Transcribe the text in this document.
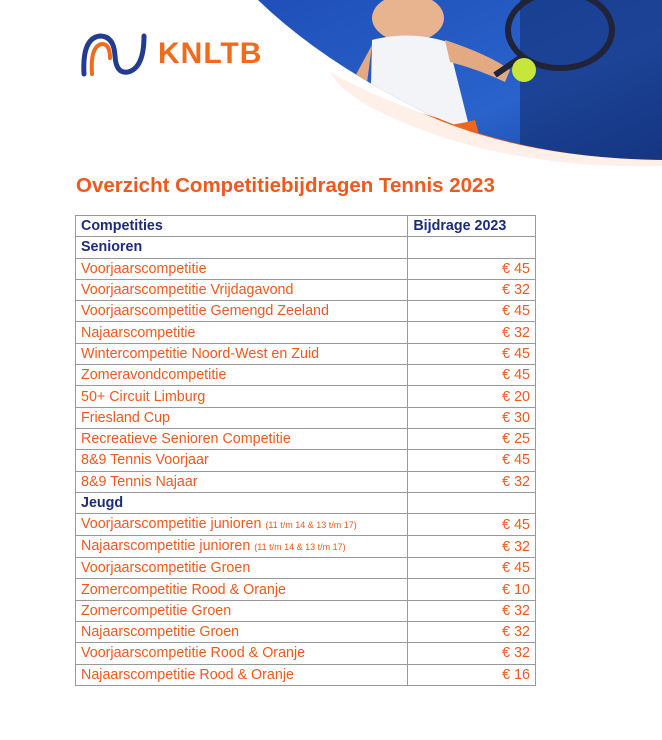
KNLTB
Overzicht Competitiebijdragen Tennis 2023
Competities	Bijdrage 2023
Senioren	
Voorjaarscompetitie	€ 45
Voorjaarscompetitie Vrijdagavond	€ 32
Voorjaarscompetitie Gemengd Zeeland	€ 45
Najaarscompetitie	€ 32
Wintercompetitie Noord-West en Zuid	€ 45
Zomeravondcompetitie	€ 45
50+ Circuit Limburg	€ 20
Friesland Cup	€ 30
Recreatieve Senioren Competitie	€ 25
8&9 Tennis Voorjaar	€ 45
8&9 Tennis Najaar	€ 32
Jeugd	
Voorjaarscompetitie junioren (11 t/m 14 & 13 t/m 17)	€ 45
Najaarscompetitie junioren (11 t/m 14 & 13 t/m 17)	€ 32
Voorjaarscompetitie Groen	€ 45
Zomercompetitie Rood & Oranje	€ 10
Zomercompetitie Groen	€ 32
Najaarscompetitie Groen	€ 32
Voorjaarscompetitie Rood & Oranje	€ 32
Najaarscompetitie Rood & Oranje	€ 16
